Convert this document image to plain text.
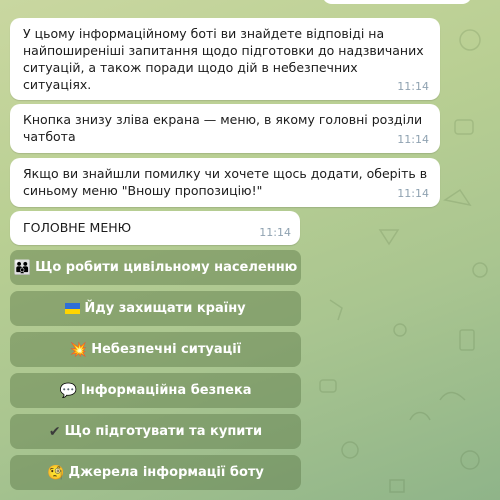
У цьому інформаційному боті ви знайдете відповіді на найпоширеніші запитання щодо підготовки до надзвичаних ситуацій, а також поради щодо дій в небезпечних ситуаціях.	11:14
Кнопка знизу зліва екрана — меню, в якому головні розділи чатбота	11:14
Якщо ви знайшли помилку чи хочете щось додати, оберіть в синьому меню "Вношу пропозицію!"	11:14
ГОЛОВНЕ МЕНЮ	11:14
👪 Що робити цивільному населенню
Йду захищати країну
💥 Небезпечні ситуації
💬 Інформаційна безпека
✔ Що підготувати та купити
🧐 Джерела інформації боту
